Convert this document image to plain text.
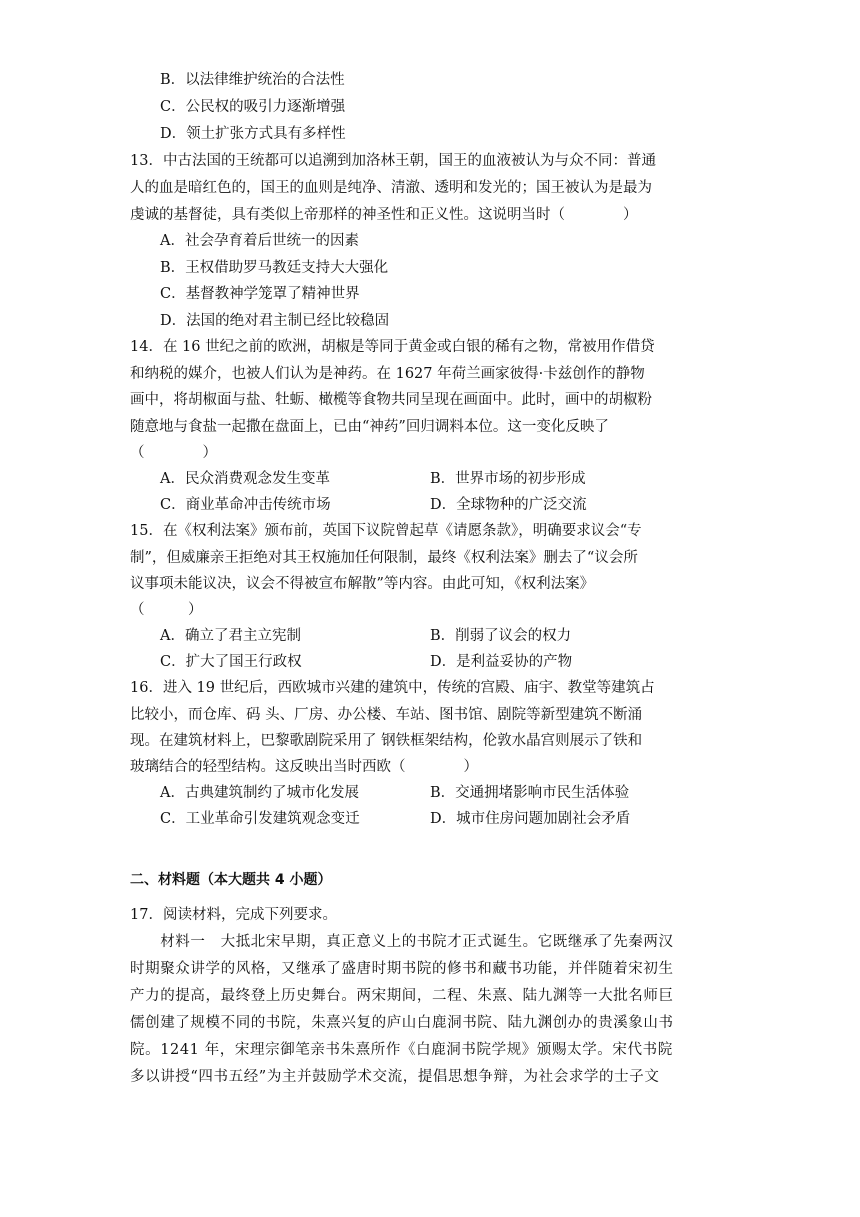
B．以法律维护统治的合法性
C．公民权的吸引力逐渐增强
D．领土扩张方式具有多样性
13．中古法国的王统都可以追溯到加洛林王朝，国王的血液被认为与众不同：普通
人的血是暗红色的，国王的血则是纯净、清澈、透明和发光的；国王被认为是最为
虔诚的基督徒，具有类似上帝那样的神圣性和正义性。这说明当时（　　　　）
A．社会孕育着后世统一的因素
B．王权借助罗马教廷支持大大强化
C．基督教神学笼罩了精神世界
D．法国的绝对君主制已经比较稳固
14．在 16 世纪之前的欧洲，胡椒是等同于黄金或白银的稀有之物，常被用作借贷
和纳税的媒介，也被人们认为是神药。在 1627 年荷兰画家彼得·卡兹创作的静物
画中，将胡椒面与盐、牡蛎、橄榄等食物共同呈现在画面中。此时，画中的胡椒粉
随意地与食盐一起撒在盘面上，已由“神药”回归调料本位。这一变化反映了
（　　　　）
A．民众消费观念发生变革	B．世界市场的初步形成
C．商业革命冲击传统市场	D．全球物种的广泛交流
15．在《权利法案》颁布前，英国下议院曾起草《请愿条款》，明确要求议会“专
制”，但威廉亲王拒绝对其王权施加任何限制，最终《权利法案》删去了“议会所
议事项未能议决，议会不得被宣布解散”等内容。由此可知，《权利法案》
（　　　）
A．确立了君主立宪制	B．削弱了议会的权力
C．扩大了国王行政权	D．是利益妥协的产物
16．进入 19 世纪后，西欧城市兴建的建筑中，传统的宫殿、庙宇、教堂等建筑占
比较小，而仓库、码 头、厂房、办公楼、车站、图书馆、剧院等新型建筑不断涌
现。在建筑材料上，巴黎歌剧院采用了 钢铁框架结构，伦敦水晶宫则展示了铁和
玻璃结合的轻型结构。这反映出当时西欧（　　　　）
A．古典建筑制约了城市化发展	B．交通拥堵影响市民生活体验
C．工业革命引发建筑观念变迁	D．城市住房问题加剧社会矛盾
二、材料题（本大题共 4 小题）
17．阅读材料，完成下列要求。
　　材料一　大抵北宋早期，真正意义上的书院才正式诞生。它既继承了先秦两汉
时期聚众讲学的风格，又继承了盛唐时期书院的修书和藏书功能，并伴随着宋初生
产力的提高，最终登上历史舞台。两宋期间，二程、朱熹、陆九渊等一大批名师巨
儒创建了规模不同的书院，朱熹兴复的庐山白鹿洞书院、陆九渊创办的贵溪象山书
院。1241 年，宋理宗御笔亲书朱熹所作《白鹿洞书院学规》颁赐太学。宋代书院
多以讲授“四书五经”为主并鼓励学术交流，提倡思想争辩，为社会求学的士子文
